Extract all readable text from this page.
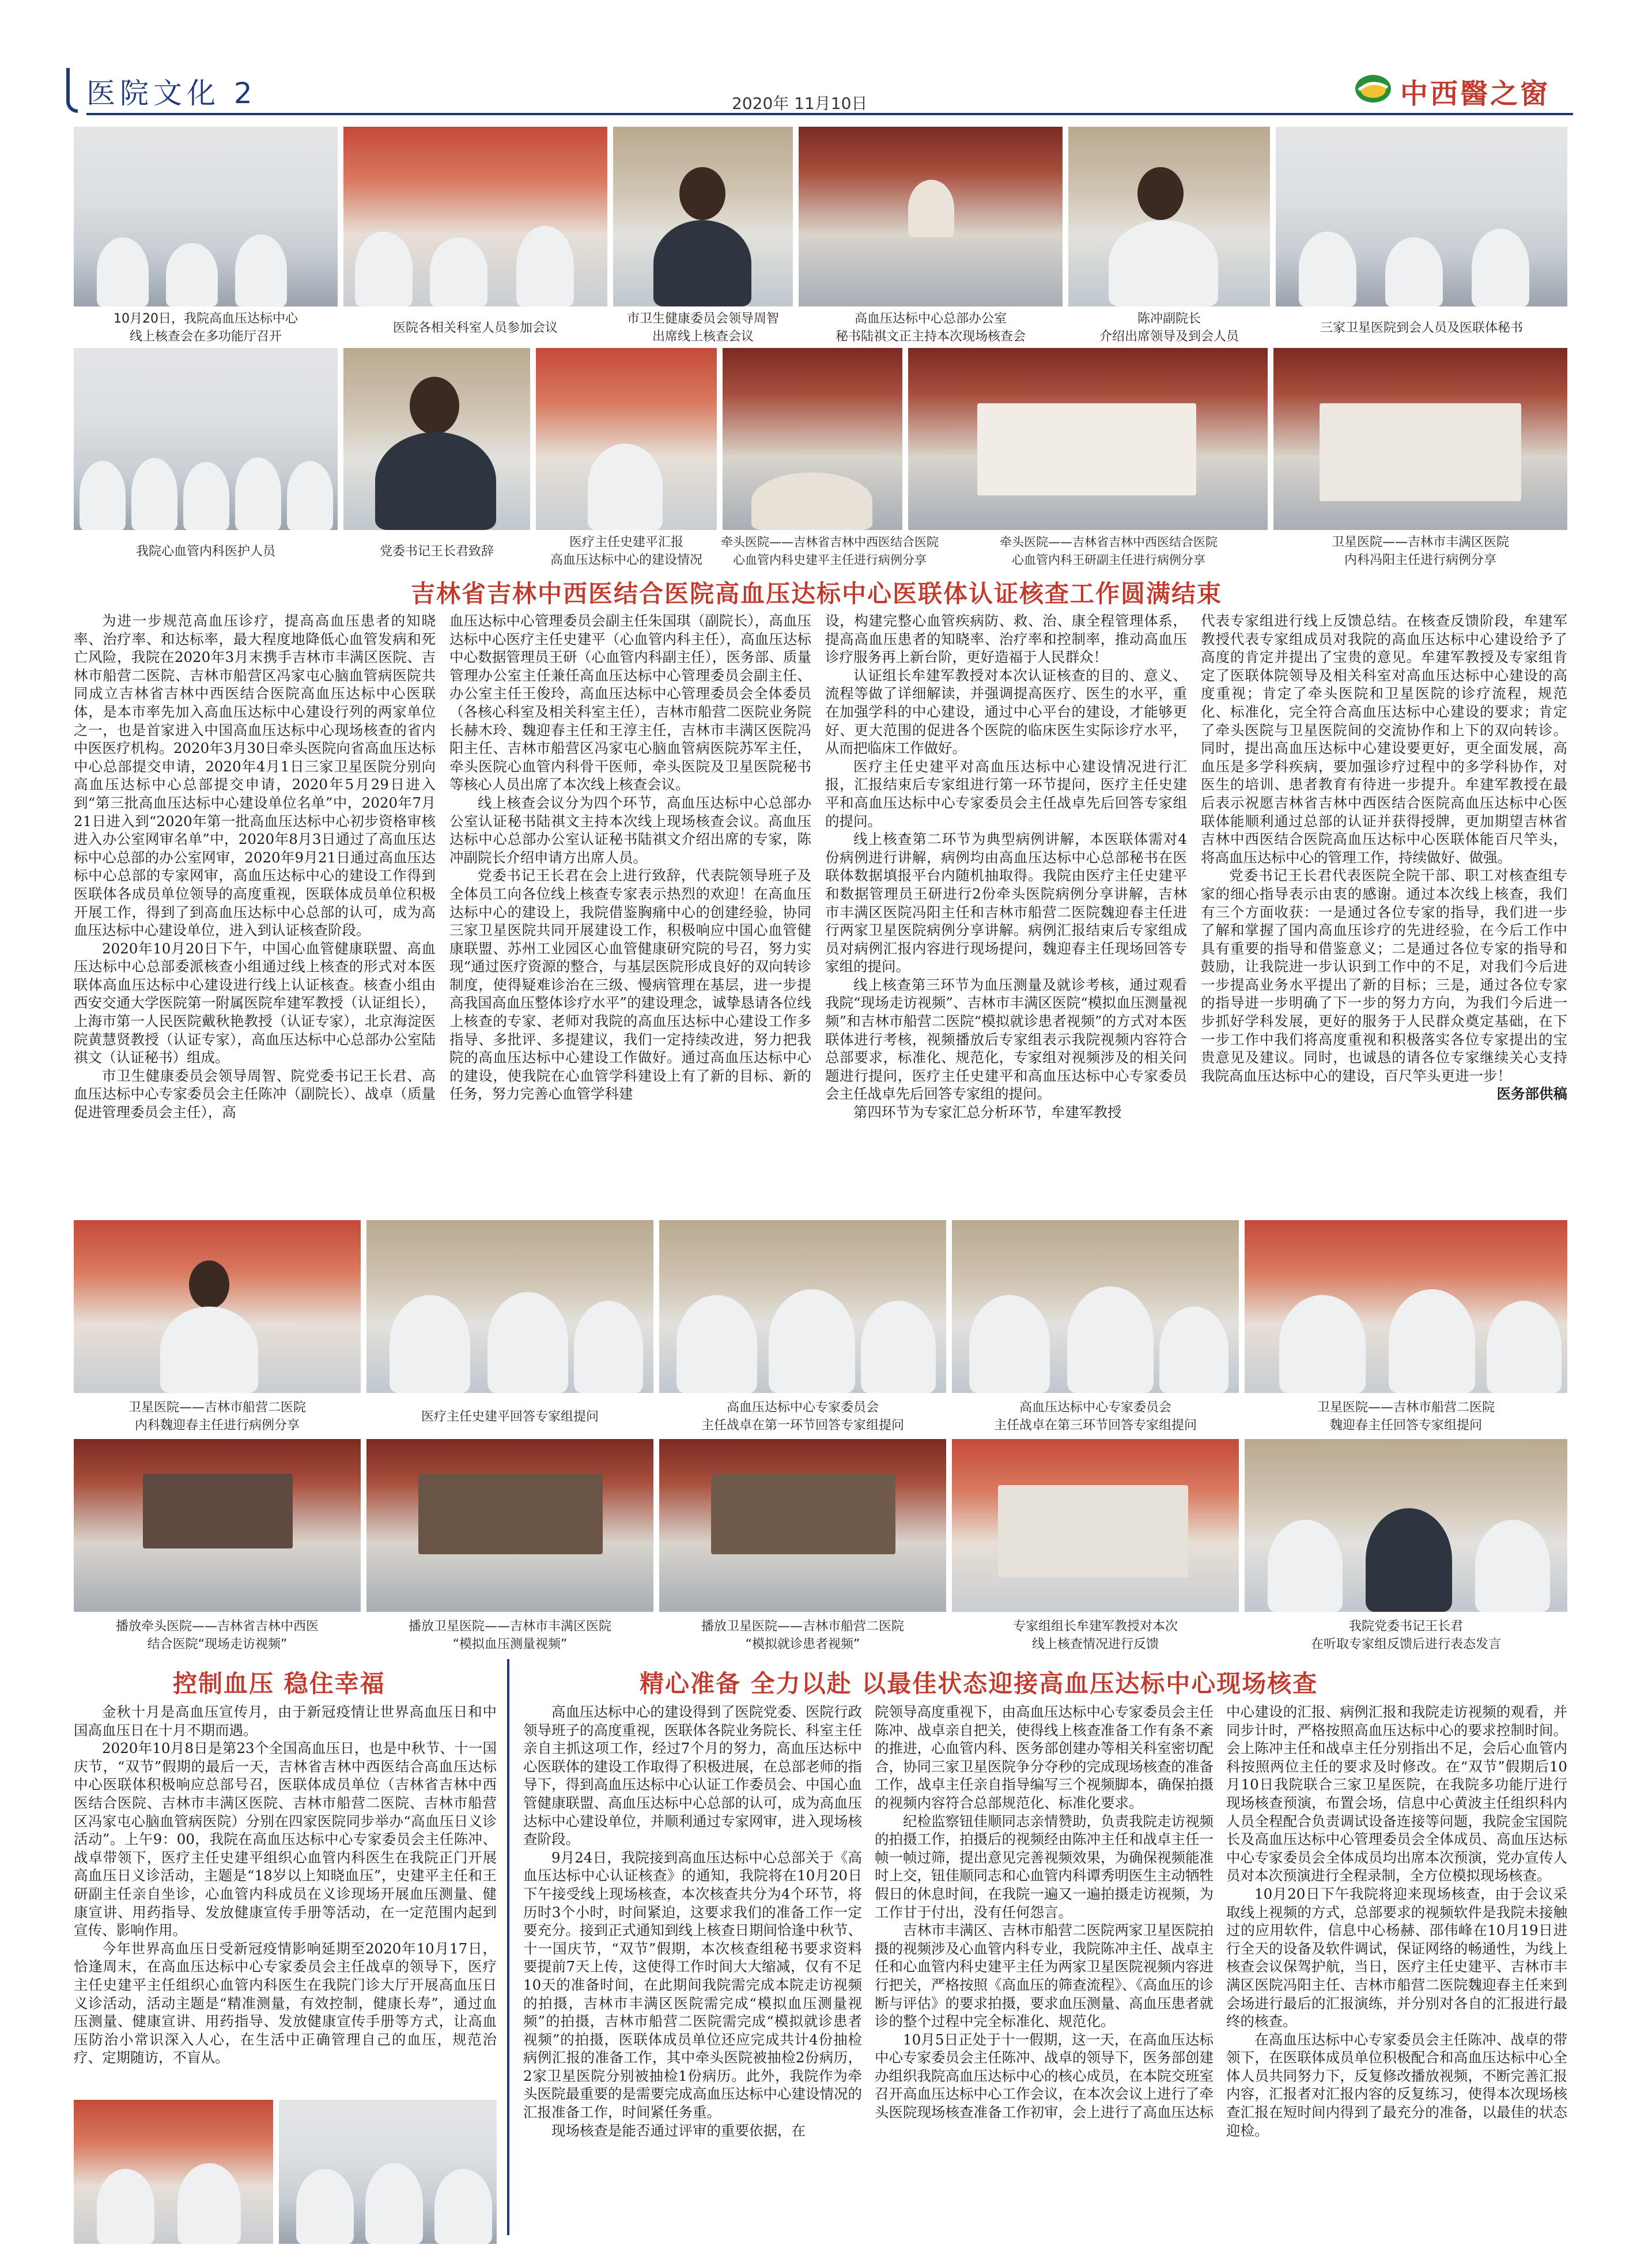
医院文化 2	2020年 11月10日	中西醫之窗
10月20日，我院高血压达标中心
线上核查会在多功能厅召开
医院各相关科室人员参加会议
市卫生健康委员会领导周智
出席线上核查会议
高血压达标中心总部办公室
秘书陆祺文正主持本次现场核查会
陈冲副院长
介绍出席领导及到会人员
三家卫星医院到会人员及医联体秘书
我院心血管内科医护人员	党委书记王长君致辞
医疗主任史建平汇报
高血压达标中心的建设情况
牵头医院——吉林省吉林中西医结合医院
心血管内科史建平主任进行病例分享
牵头医院——吉林省吉林中西医结合医院
心血管内科王研副主任进行病例分享
卫星医院——吉林市丰满区医院
内科冯阳主任进行病例分享
吉林省吉林中西医结合医院高血压达标中心医联体认证核查工作圆满结束

为进一步规范高血压诊疗，提高高血压患者的知晓率、治疗率、和达标率，最大程度地降低心血管发病和死亡风险，我院在2020年3月末携手吉林市丰满区医院、吉林市船营二医院、吉林市船营区冯家屯心脑血管病医院共同成立吉林省吉林中西医结合医院高血压达标中心医联体，是本市率先加入高血压达标中心建设行列的两家单位之一，也是首家进入中国高血压达标中心现场核查的省内中医医疗机构。2020年3月30日牵头医院向省高血压达标中心总部提交申请，2020年4月1日三家卫星医院分别向高血压达标中心总部提交申请，2020年5月29日进入到“第三批高血压达标中心建设单位名单”中，2020年7月21日进入到“2020年第一批高血压达标中心初步资格审核进入办公室网审名单”中，2020年8月3日通过了高血压达标中心总部的办公室网审，2020年9月21日通过高血压达标中心总部的专家网审，高血压达标中心的建设工作得到医联体各成员单位领导的高度重视，医联体成员单位积极开展工作，得到了到高血压达标中心总部的认可，成为高血压达标中心建设单位，进入到认证核查阶段。

2020年10月20日下午，中国心血管健康联盟、高血压达标中心总部委派核查小组通过线上核查的形式对本医联体高血压达标中心建设进行线上认证核查。核查小组由西安交通大学医院第一附属医院牟建军教授（认证组长），上海市第一人民医院戴秋艳教授（认证专家），北京海淀医院黄慧贤教授（认证专家），高血压达标中心总部办公室陆祺文（认证秘书）组成。

市卫生健康委员会领导周智、院党委书记王长君、高血压达标中心专家委员会主任陈冲（副院长）、战卓（质量促进管理委员会主任），高

血压达标中心管理委员会副主任朱国琪（副院长），高血压达标中心医疗主任史建平（心血管内科主任），高血压达标中心数据管理员王研（心血管内科副主任），医务部、质量管理办公室主任兼任高血压达标中心管理委员会副主任、办公室主任王俊玲，高血压达标中心管理委员会全体委员（各核心科室及相关科室主任），吉林市船营二医院业务院长赫木玲、魏迎春主任和王淳主任，吉林市丰满区医院冯阳主任、吉林市船营区冯家屯心脑血管病医院苏军主任，牵头医院心血管内科骨干医师，牵头医院及卫星医院秘书等核心人员出席了本次线上核查会议。

线上核查会议分为四个环节，高血压达标中心总部办公室认证秘书陆祺文主持本次线上现场核查会议。高血压达标中心总部办公室认证秘书陆祺文介绍出席的专家，陈冲副院长介绍申请方出席人员。

党委书记王长君在会上进行致辞，代表院领导班子及全体员工向各位线上核查专家表示热烈的欢迎！在高血压达标中心的建设上，我院借鉴胸痛中心的创建经验，协同三家卫星医院共同开展建设工作，积极响应中国心血管健康联盟、苏州工业园区心血管健康研究院的号召，努力实现“通过医疗资源的整合，与基层医院形成良好的双向转诊制度，使得疑难诊治在三级、慢病管理在基层，进一步提高我国高血压整体诊疗水平”的建设理念，诚挚恳请各位线上核查的专家、老师对我院的高血压达标中心建设工作多指导、多批评、多提建议，我们一定持续改进，努力把我院的高血压达标中心建设工作做好。通过高血压达标中心的建设，使我院在心血管学科建设上有了新的目标、新的任务，努力完善心血管学科建

设，构建完整心血管疾病防、救、治、康全程管理体系，提高高血压患者的知晓率、治疗率和控制率，推动高血压诊疗服务再上新台阶，更好造福于人民群众！

认证组长牟建军教授对本次认证核查的目的、意义、流程等做了详细解读，并强调提高医疗、医生的水平，重在加强学科的中心建设，通过中心平台的建设，才能够更好、更大范围的促进各个医院的临床医生实际诊疗水平，从而把临床工作做好。

医疗主任史建平对高血压达标中心建设情况进行汇报，汇报结束后专家组进行第一环节提问，医疗主任史建平和高血压达标中心专家委员会主任战卓先后回答专家组的提问。

线上核查第二环节为典型病例讲解，本医联体需对4份病例进行讲解，病例均由高血压达标中心总部秘书在医联体数据填报平台内随机抽取得。我院由医疗主任史建平和数据管理员王研进行2份牵头医院病例分享讲解，吉林市丰满区医院冯阳主任和吉林市船营二医院魏迎春主任进行两家卫星医院病例分享讲解。病例汇报结束后专家组成员对病例汇报内容进行现场提问，魏迎春主任现场回答专家组的提问。

线上核查第三环节为血压测量及就诊考核，通过观看我院“现场走访视频”、吉林市丰满区医院“模拟血压测量视频”和吉林市船营二医院“模拟就诊患者视频”的方式对本医联体进行考核，视频播放后专家组表示我院视频内容符合总部要求，标准化、规范化，专家组对视频涉及的相关问题进行提问，医疗主任史建平和高血压达标中心专家委员会主任战卓先后回答专家组的提问。

第四环节为专家汇总分析环节，牟建军教授

代表专家组进行线上反馈总结。在核查反馈阶段，牟建军教授代表专家组成员对我院的高血压达标中心建设给予了高度的肯定并提出了宝贵的意见。牟建军教授及专家组肯定了医联体院领导及相关科室对高血压达标中心建设的高度重视；肯定了牵头医院和卫星医院的诊疗流程，规范化、标准化，完全符合高血压达标中心建设的要求；肯定了牵头医院与卫星医院间的交流协作和上下的双向转诊。同时，提出高血压达标中心建设要更好，更全面发展，高血压是多学科疾病，要加强诊疗过程中的多学科协作，对医生的培训、患者教育有待进一步提升。牟建军教授在最后表示祝愿吉林省吉林中西医结合医院高血压达标中心医联体能顺利通过总部的认证并获得授牌，更加期望吉林省吉林中西医结合医院高血压达标中心医联体能百尺竿头，将高血压达标中心的管理工作，持续做好、做强。

党委书记王长君代表医院全院干部、职工对核查组专家的细心指导表示由衷的感谢。通过本次线上核查，我们有三个方面收获：一是通过各位专家的指导，我们进一步了解和掌握了国内高血压诊疗的先进经验，在今后工作中具有重要的指导和借鉴意义；二是通过各位专家的指导和鼓励，让我院进一步认识到工作中的不足，对我们今后进一步提高业务水平提出了新的目标；三是，通过各位专家的指导进一步明确了下一步的努力方向，为我们今后进一步抓好学科发展，更好的服务于人民群众奠定基础，在下一步工作中我们将高度重视和积极落实各位专家提出的宝贵意见及建议。同时，也诚恳的请各位专家继续关心支持我院高血压达标中心的建设，百尺竿头更进一步！

医务部供稿
卫星医院——吉林市船营二医院
内科魏迎春主任进行病例分享
医疗主任史建平回答专家组提问
高血压达标中心专家委员会
主任战卓在第一环节回答专家组提问
高血压达标中心专家委员会
主任战卓在第三环节回答专家组提问
卫星医院——吉林市船营二医院
魏迎春主任回答专家组提问
播放牵头医院——吉林省吉林中西医
结合医院“现场走访视频”
播放卫星医院——吉林市丰满区医院
“模拟血压测量视频”
播放卫星医院——吉林市船营二医院
“模拟就诊患者视频”
专家组组长牟建军教授对本次
线上核查情况进行反馈
我院党委书记王长君
在听取专家组反馈后进行表态发言
控制血压 稳住幸福

金秋十月是高血压宣传月，由于新冠疫情让世界高血压日和中国高血压日在十月不期而遇。

2020年10月8日是第23个全国高血压日，也是中秋节、十一国庆节，“双节”假期的最后一天，吉林省吉林中西医结合高血压达标中心医联体积极响应总部号召，医联体成员单位（吉林省吉林中西医结合医院、吉林市丰满区医院、吉林市船营二医院、吉林市船营区冯家屯心脑血管病医院）分别在四家医院同步举办“高血压日义诊活动”。上午9：00，我院在高血压达标中心专家委员会主任陈冲、战卓带领下，医疗主任史建平组织心血管内科医生在我院正门开展高血压日义诊活动，主题是“18岁以上知晓血压”，史建平主任和王研副主任亲自坐诊，心血管内科成员在义诊现场开展血压测量、健康宣讲、用药指导、发放健康宣传手册等活动，在一定范围内起到宣传、影响作用。

今年世界高血压日受新冠疫情影响延期至2020年10月17日，恰逢周末，在高血压达标中心专家委员会主任战卓的领导下，医疗主任史建平主任组织心血管内科医生在我院门诊大厅开展高血压日义诊活动，活动主题是“精准测量，有效控制，健康长寿”，通过血压测量、健康宣讲、用药指导、发放健康宣传手册等方式，让高血压防治小常识深入人心，在生活中正确管理自己的血压，规范治疗、定期随访，不盲从。

精心准备 全力以赴 以最佳状态迎接高血压达标中心现场核查

高血压达标中心的建设得到了医院党委、医院行政领导班子的高度重视，医联体各院业务院长、科室主任亲自主抓这项工作，经过7个月的努力，高血压达标中心医联体的建设工作取得了积极进展，在总部老师的指导下，得到高血压达标中心认证工作委员会、中国心血管健康联盟、高血压达标中心总部的认可，成为高血压达标中心建设单位，并顺利通过专家网审，进入现场核查阶段。

9月24日，我院接到高血压达标中心总部关于《高血压达标中心认证核查》的通知，我院将在10月20日下午接受线上现场核查，本次核查共分为4个环节，将历时3个小时，时间紧迫，这要求我们的准备工作一定要充分。接到正式通知到线上核查日期间恰逢中秋节、十一国庆节，“双节”假期，本次核查组秘书要求资料要提前7天上传，这使得工作时间大大缩减，仅有不足10天的准备时间，在此期间我院需完成本院走访视频的拍摄，吉林市丰满区医院需完成“模拟血压测量视频”的拍摄，吉林市船营二医院需完成“模拟就诊患者视频”的拍摄，医联体成员单位还应完成共计4份抽检病例汇报的准备工作，其中牵头医院被抽检2份病历，2家卫星医院分别被抽检1份病历。此外，我院作为牵头医院最重要的是需要完成高血压达标中心建设情况的汇报准备工作，时间紧任务重。

现场核查是能否通过评审的重要依据，在

院领导高度重视下，由高血压达标中心专家委员会主任陈冲、战卓亲自把关，使得线上核查准备工作有条不紊的推进，心血管内科、医务部创建办等相关科室密切配合，协同三家卫星医院争分夺秒的完成现场核查的准备工作，战卓主任亲自指导编写三个视频脚本，确保拍摄的视频内容符合总部规范化、标准化要求。

纪检监察钮佳顺同志亲情赞助，负责我院走访视频的拍摄工作，拍摄后的视频经由陈冲主任和战卓主任一帧一帧过筛，提出意见完善视频效果，为确保视频能准时上交，钮佳顺同志和心血管内科谭秀明医生主动牺牲假日的休息时间，在我院一遍又一遍拍摄走访视频，为工作甘于付出，没有任何怨言。

吉林市丰满区、吉林市船营二医院两家卫星医院拍摄的视频涉及心血管内科专业，我院陈冲主任、战卓主任和心血管内科史建平主任为两家卫星医院视频内容进行把关，严格按照《高血压的筛查流程》、《高血压的诊断与评估》的要求拍摄，要求血压测量、高血压患者就诊的整个过程中完全标准化、规范化。

10月5日正处于十一假期，这一天，在高血压达标中心专家委员会主任陈冲、战卓的领导下，医务部创建办组织我院高血压达标中心的核心成员，在本院交班室召开高血压达标中心工作会议，在本次会议上进行了牵头医院现场核查准备工作初审，会上进行了高血压达标

中心建设的汇报、病例汇报和我院走访视频的观看，并同步计时，严格按照高血压达标中心的要求控制时间。会上陈冲主任和战卓主任分别指出不足，会后心血管内科按照两位主任的要求及时修改。在“双节”假期后10月10日我院联合三家卫星医院，在我院多功能厅进行现场核查预演，布置会场，信息中心黄波主任组织科内人员全程配合负责调试设备连接等问题，我院金宝国院长及高血压达标中心管理委员会全体成员、高血压达标中心专家委员会全体成员均出席本次预演，党办宣传人员对本次预演进行全程录制，全方位模拟现场核查。

10月20日下午我院将迎来现场核查，由于会议采取线上视频的方式，总部要求的视频软件是我院未接触过的应用软件，信息中心杨赫、邵伟峰在10月19日进行全天的设备及软件调试，保证网络的畅通性，为线上核查会议保驾护航，当日，医疗主任史建平、吉林市丰满区医院冯阳主任、吉林市船营二医院魏迎春主任来到会场进行最后的汇报演练，并分别对各自的汇报进行最终的核查。

在高血压达标中心专家委员会主任陈冲、战卓的带领下，在医联体成员单位积极配合和高血压达标中心全体人员共同努力下，反复修改播放视频，不断完善汇报内容，汇报者对汇报内容的反复练习，使得本次现场核查汇报在短时间内得到了最充分的准备，以最佳的状态迎检。
